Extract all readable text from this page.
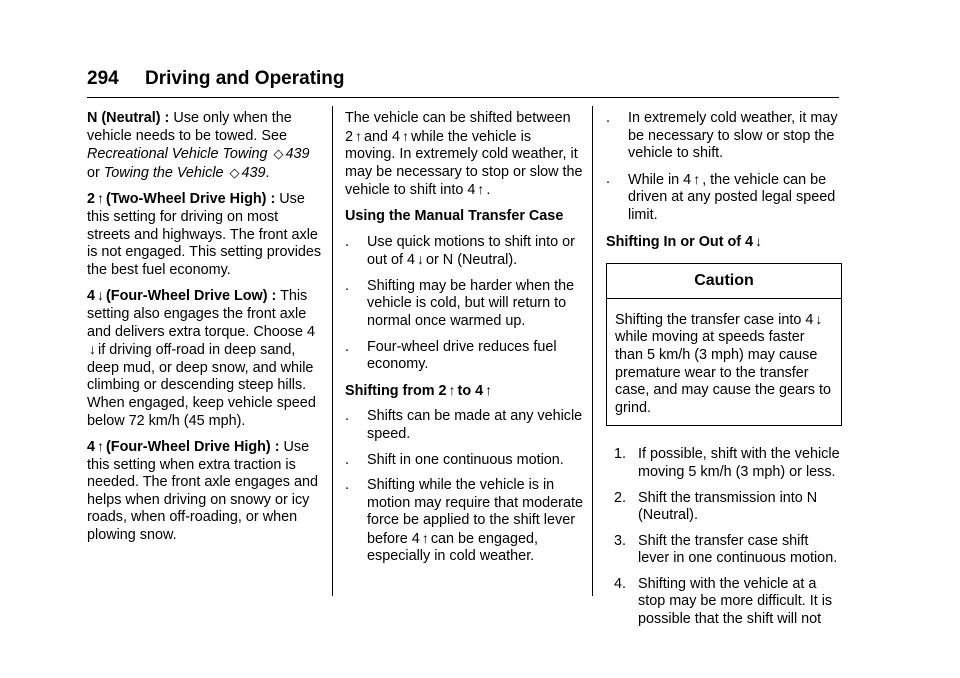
294 Driving and Operating

N (Neutral) : Use only when the vehicle needs to be towed. See Recreational Vehicle Towing ◇ 439 or Towing the Vehicle ◇ 439.

2 ↑ (Two-Wheel Drive High) : Use this setting for driving on most streets and highways. The front axle is not engaged. This setting provides the best fuel economy.

4 ↓ (Four-Wheel Drive Low) : This setting also engages the front axle and delivers extra torque. Choose 4 ↓ if driving off-road in deep sand, deep mud, or deep snow, and while climbing or descending steep hills. When engaged, keep vehicle speed below 72 km/h (45 mph).

4 ↑ (Four-Wheel Drive High) : Use this setting when extra traction is needed. The front axle engages and helps when driving on snowy or icy roads, when off-roading, or when plowing snow.

The vehicle can be shifted between 2 ↑ and 4 ↑ while the vehicle is moving. In extremely cold weather, it may be necessary to stop or slow the vehicle to shift into 4 ↑ .

Using the Manual Transfer Case
. Use quick motions to shift into or out of 4 ↓ or N (Neutral).
. Shifting may be harder when the vehicle is cold, but will return to normal once warmed up.
. Four-wheel drive reduces fuel economy.
Shifting from 2 ↑ to 4 ↑
. Shifts can be made at any vehicle speed.
. Shift in one continuous motion.
. Shifting while the vehicle is in motion may require that moderate force be applied to the shift lever before 4 ↑ can be engaged, especially in cold weather.
. In extremely cold weather, it may be necessary to slow or stop the vehicle to shift.
. While in 4 ↑ , the vehicle can be driven at any posted legal speed limit.
Shifting In or Out of 4 ↓
Caution
Shifting the transfer case into 4 ↓ while moving at speeds faster than 5 km/h (3 mph) may cause premature wear to the transfer case, and may cause the gears to grind.
1. If possible, shift with the vehicle moving 5 km/h (3 mph) or less.
2. Shift the transmission into N (Neutral).
3. Shift the transfer case shift lever in one continuous motion.
4. Shifting with the vehicle at a stop may be more difficult. It is possible that the shift will not
